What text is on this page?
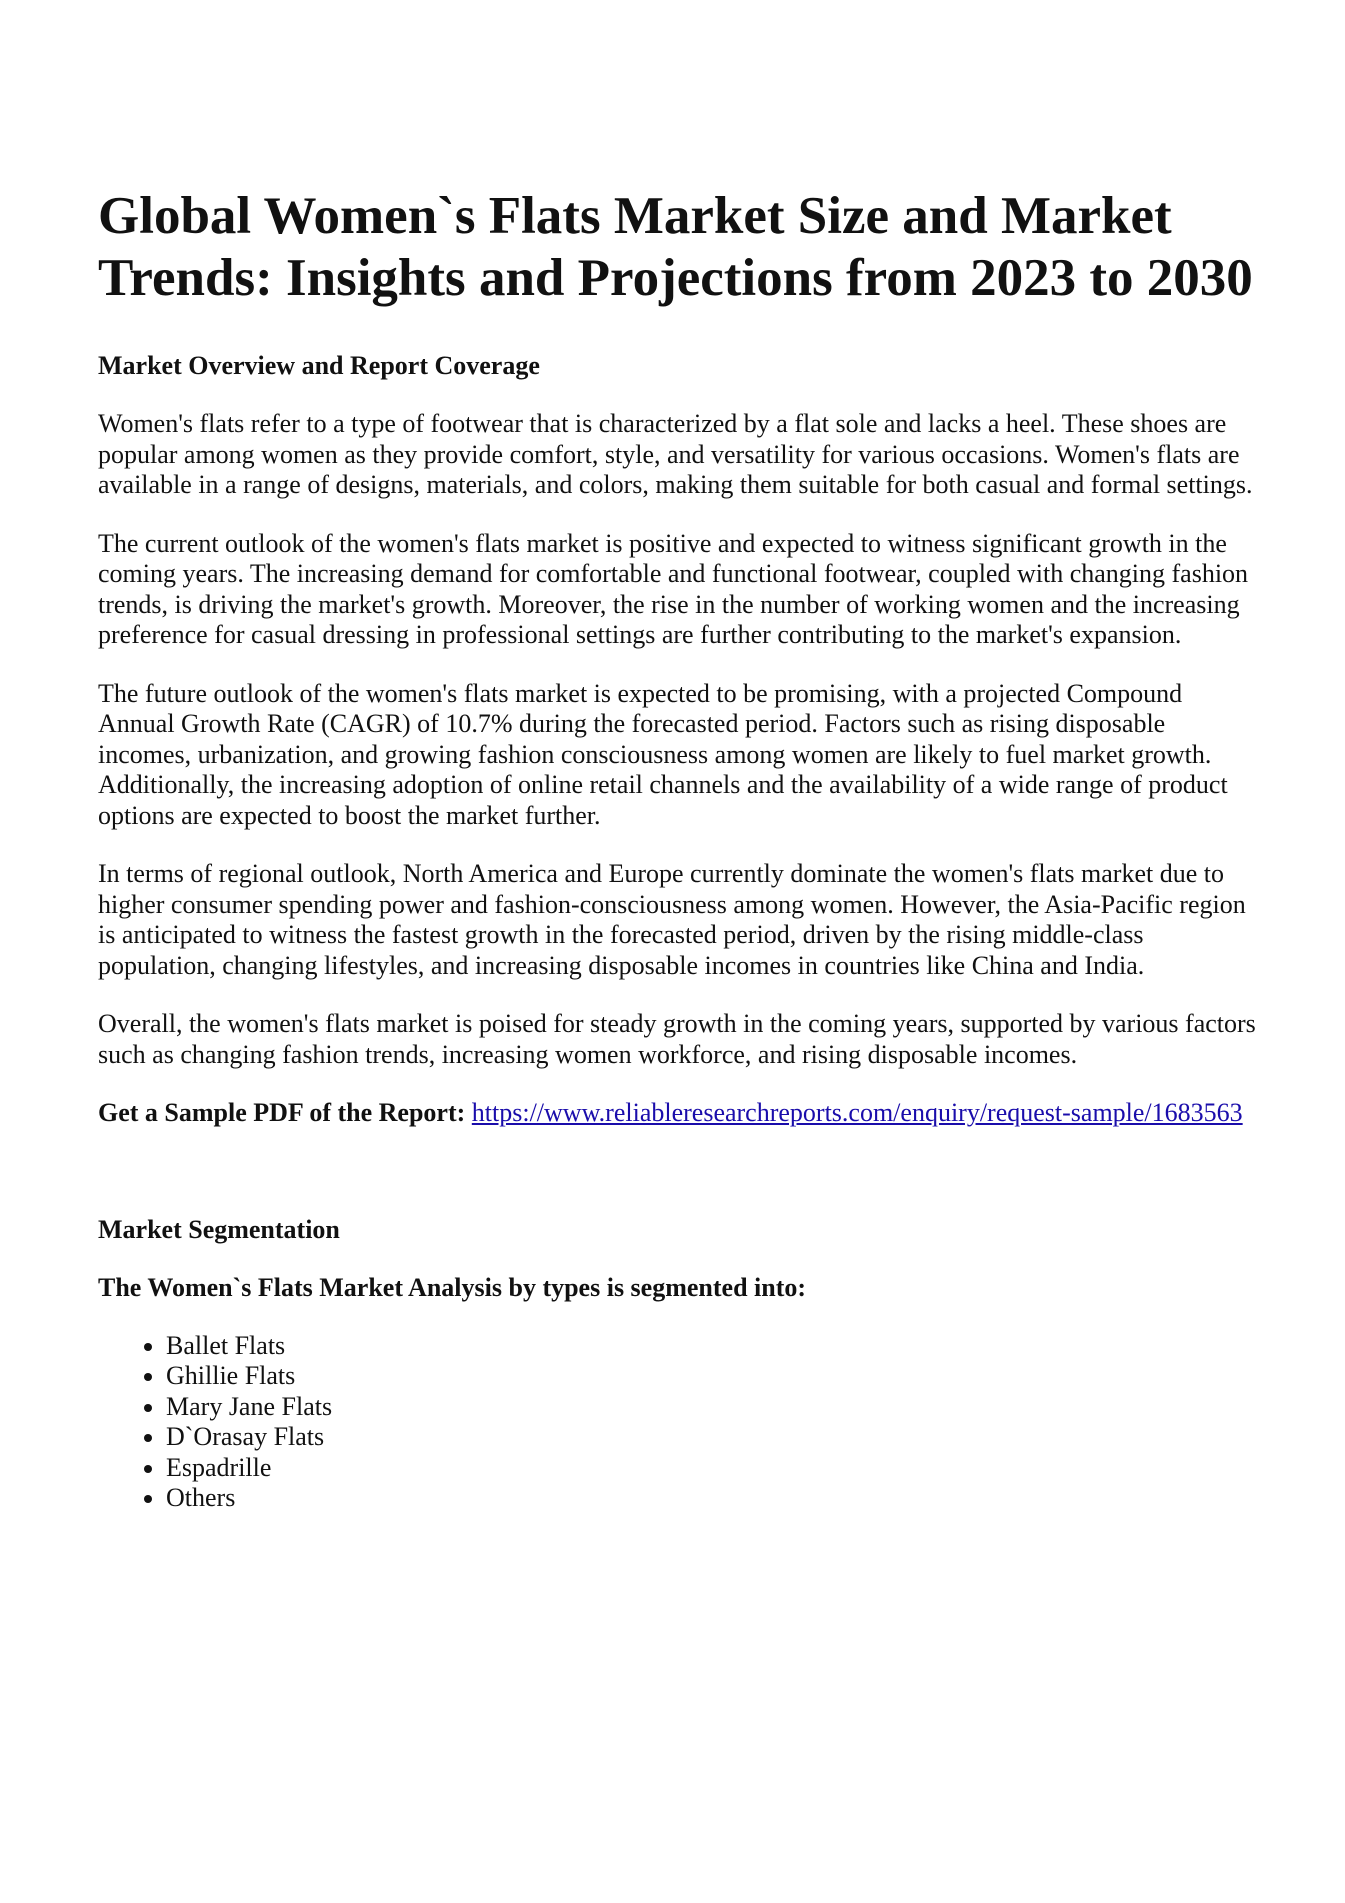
Global Women`s Flats Market Size and Market Trends: Insights and Projections from 2023 to 2030
Market Overview and Report Coverage

Women's flats refer to a type of footwear that is characterized by a flat sole and lacks a heel. These shoes are popular among women as they provide comfort, style, and versatility for various occasions. Women's flats are available in a range of designs, materials, and colors, making them suitable for both casual and formal settings.

The current outlook of the women's flats market is positive and expected to witness significant growth in the coming years. The increasing demand for comfortable and functional footwear, coupled with changing fashion trends, is driving the market's growth. Moreover, the rise in the number of working women and the increasing preference for casual dressing in professional settings are further contributing to the market's expansion.

The future outlook of the women's flats market is expected to be promising, with a projected Compound Annual Growth Rate (CAGR) of 10.7% during the forecasted period. Factors such as rising disposable incomes, urbanization, and growing fashion consciousness among women are likely to fuel market growth. Additionally, the increasing adoption of online retail channels and the availability of a wide range of product options are expected to boost the market further.

In terms of regional outlook, North America and Europe currently dominate the women's flats market due to higher consumer spending power and fashion-consciousness among women. However, the Asia-Pacific region is anticipated to witness the fastest growth in the forecasted period, driven by the rising middle-class population, changing lifestyles, and increasing disposable incomes in countries like China and India.

Overall, the women's flats market is poised for steady growth in the coming years, supported by various factors such as changing fashion trends, increasing women workforce, and rising disposable incomes.

Get a Sample PDF of the Report: https://www.reliableresearchreports.com/enquiry/request-sample/1683563

Market Segmentation
The Women`s Flats Market Analysis by types is segmented into:
• Ballet Flats
• Ghillie Flats
• Mary Jane Flats
• D`Orasay Flats
• Espadrille
• Others
